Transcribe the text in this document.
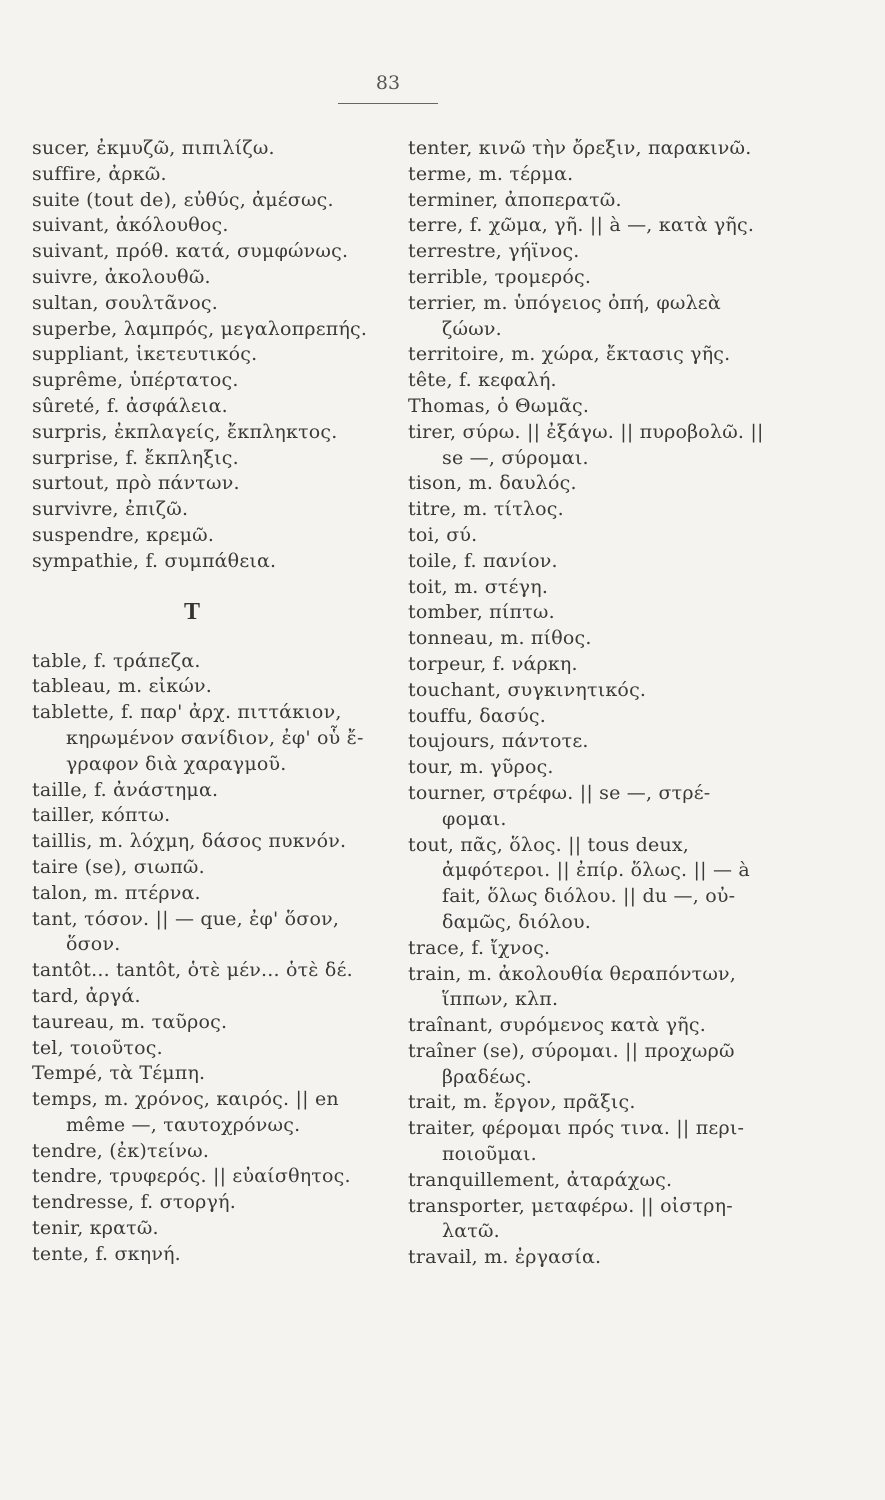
83
sucer, ἐκμυζῶ, πιπιλίζω.
suffire, ἀρκῶ.
suite (tout de), εὐθύς, ἀμέσως.
suivant, ἀκόλουθος.
suivant, πρόθ. κατά, συμφώνως.
suivre, ἀκολουθῶ.
sultan, σουλτᾶνος.
superbe, λαμπρός, μεγαλοπρεπής.
suppliant, ἱκετευτικός.
suprême, ὑπέρτατος.
sûreté, f. ἀσφάλεια.
surpris, ἐκπλαγείς, ἔκπληκτος.
surprise, f. ἔκπληξις.
surtout, πρὸ πάντων.
survivre, ἐπιζῶ.
suspendre, κρεμῶ.
sympathie, f. συμπάθεια.
T
table, f. τράπεζα.
tableau, m. εἰκών.
tablette, f. παρ' ἀρχ. πιττάκιον,
κηρωμένον σανίδιον, ἐφ' οὗ ἔ-
γραφον διὰ χαραγμοῦ.
taille, f. ἀνάστημα.
tailler, κόπτω.
taillis, m. λόχμη, δάσος πυκνόν.
taire (se), σιωπῶ.
talon, m. πτέρνα.
tant, τόσον. || — que, ἐφ' ὅσον,
ὅσον.
tantôt... tantôt, ὁτὲ μέν... ὁτὲ δέ.
tard, ἀργά.
taureau, m. ταῦρος.
tel, τοιοῦτος.
Tempé, τὰ Τέμπη.
temps, m. χρόνος, καιρός. || en
même —, ταυτοχρόνως.
tendre, (ἐκ)τείνω.
tendre, τρυφερός. || εὐαίσθητος.
tendresse, f. στοργή.
tenir, κρατῶ.
tente, f. σκηνή.
tenter, κινῶ τὴν ὄρεξιν, παρακινῶ.
terme, m. τέρμα.
terminer, ἀποπερατῶ.
terre, f. χῶμα, γῆ. || à —, κατὰ γῆς.
terrestre, γήϊνος.
terrible, τρομερός.
terrier, m. ὑπόγειος ὀπή, φωλεὰ
ζώων.
territoire, m. χώρα, ἔκτασις γῆς.
tête, f. κεφαλή.
Thomas, ὁ Θωμᾶς.
tirer, σύρω. || ἐξάγω. || πυροβολῶ. ||
se —, σύρομαι.
tison, m. δαυλός.
titre, m. τίτλος.
toi, σύ.
toile, f. πανίον.
toit, m. στέγη.
tomber, πίπτω.
tonneau, m. πίθος.
torpeur, f. νάρκη.
touchant, συγκινητικός.
touffu, δασύς.
toujours, πάντοτε.
tour, m. γῦρος.
tourner, στρέφω. || se —, στρέ-
φομαι.
tout, πᾶς, ὅλος. || tous deux,
ἀμφότεροι. || ἐπίρ. ὅλως. || — à
fait, ὅλως διόλου. || du —, οὐ-
δαμῶς, διόλου.
trace, f. ἴχνος.
train, m. ἀκολουθία θεραπόντων,
ἵππων, κλπ.
traînant, συρόμενος κατὰ γῆς.
traîner (se), σύρομαι. || προχωρῶ
βραδέως.
trait, m. ἔργον, πρᾶξις.
traiter, φέρομαι πρός τινα. || περι-
ποιοῦμαι.
tranquillement, ἀταράχως.
transporter, μεταφέρω. || οἰστρη-
λατῶ.
travail, m. ἐργασία.
